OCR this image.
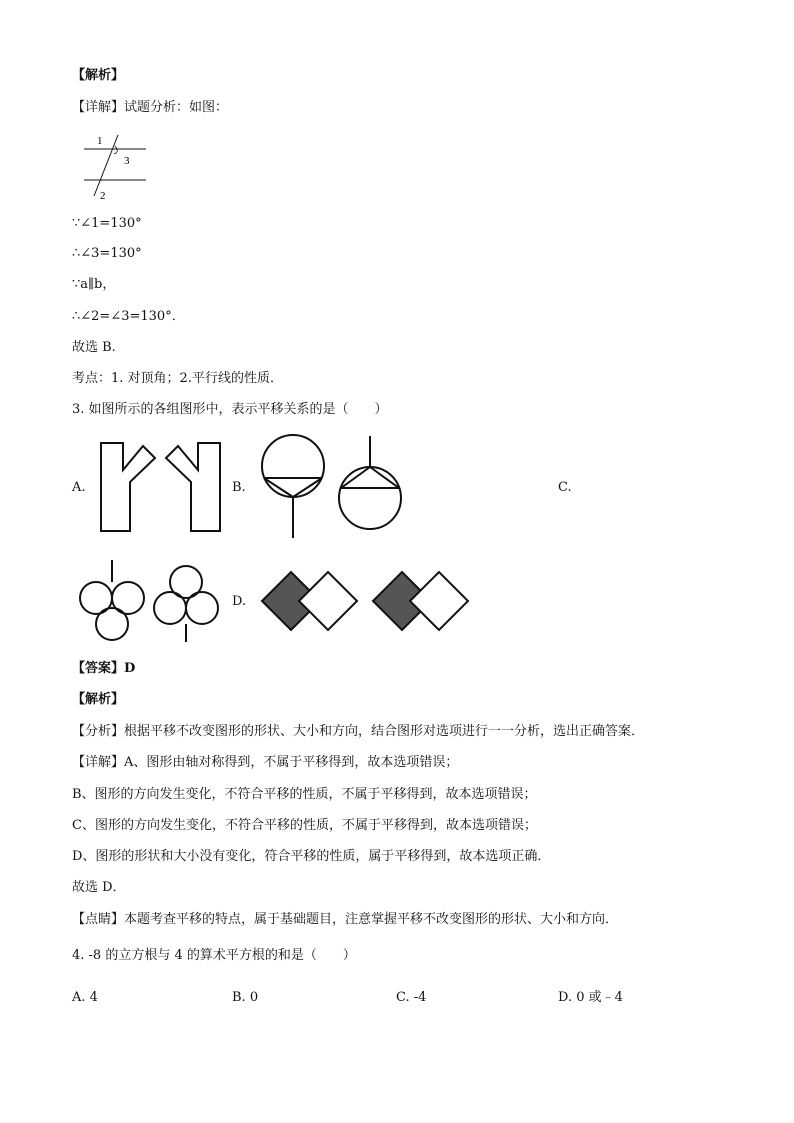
【解析】
【详解】试题分析：如图：
1
3
2
∵∠1=130°
∴∠3=130°
∵a∥b，
∴∠2=∠3=130°．
故选 B.
考点：1. 对顶角；2.平行线的性质．
3. 如图所示的各组图形中，表示平移关系的是（　　）
A.	B.	C.
D.
【答案】D
【解析】
【分析】根据平移不改变图形的形状、大小和方向，结合图形对选项进行一一分析，选出正确答案．
【详解】A、图形由轴对称得到，不属于平移得到，故本选项错误；
B、图形的方向发生变化，不符合平移的性质，不属于平移得到，故本选项错误；
C、图形的方向发生变化，不符合平移的性质，不属于平移得到，故本选项错误；
D、图形的形状和大小没有变化，符合平移的性质，属于平移得到，故本选项正确．
故选 D．
【点睛】本题考查平移的特点，属于基础题目，注意掌握平移不改变图形的形状、大小和方向．
4. -8 的立方根与 4 的算术平方根的和是（　　）
A. 4	B. 0	C. -4	D. 0 或﹣4
